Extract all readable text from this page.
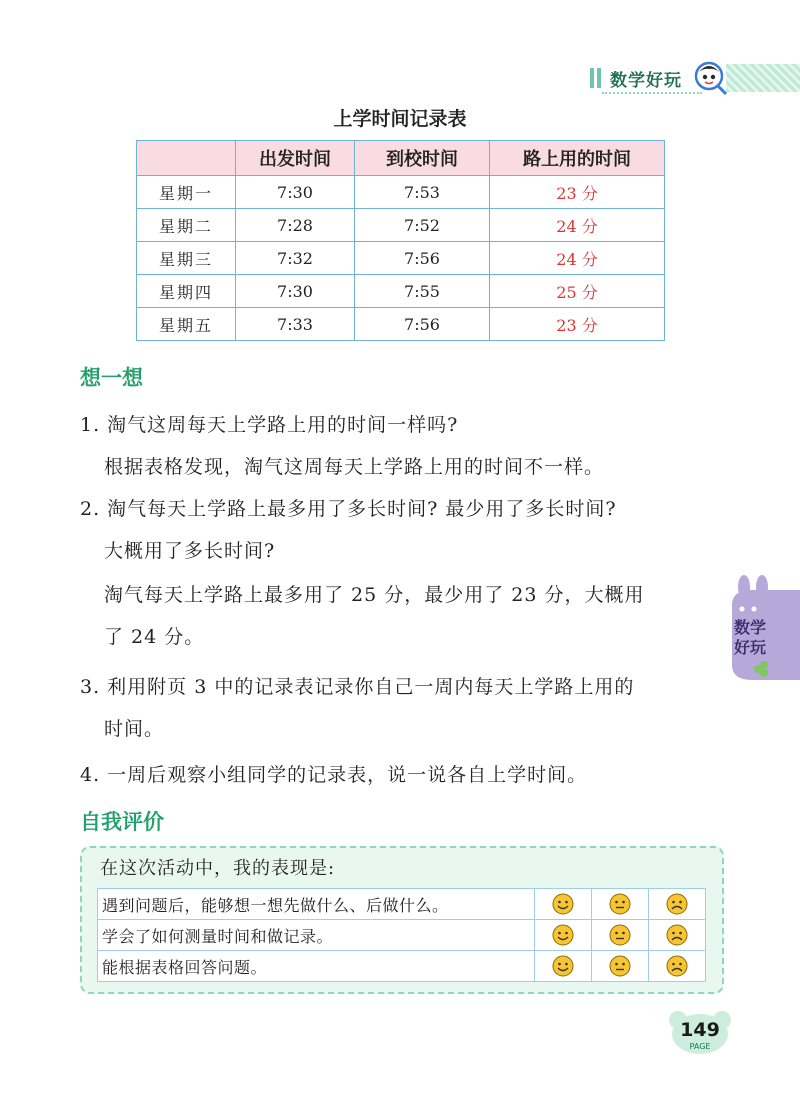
数学好玩
上学时间记录表
	出发时间	到校时间	路上用的时间
星期一	7:30	7:53	23 分
星期二	7:28	7:52	24 分
星期三	7:32	7:56	24 分
星期四	7:30	7:55	25 分
星期五	7:33	7:56	23 分
想一想
1. 淘气这周每天上学路上用的时间一样吗?
根据表格发现，淘气这周每天上学路上用的时间不一样。
2. 淘气每天上学路上最多用了多长时间? 最少用了多长时间?
大概用了多长时间?
淘气每天上学路上最多用了 25 分，最少用了 23 分，大概用
了 24 分。
3. 利用附页 3 中的记录表记录你自己一周内每天上学路上用的
时间。
4. 一周后观察小组同学的记录表，说一说各自上学时间。
数学
好玩
自我评价
在这次活动中，我的表现是:
遇到问题后，能够想一想先做什么、后做什么。			
学会了如何测量时间和做记录。			
能根据表格回答问题。			
149
PAGE
